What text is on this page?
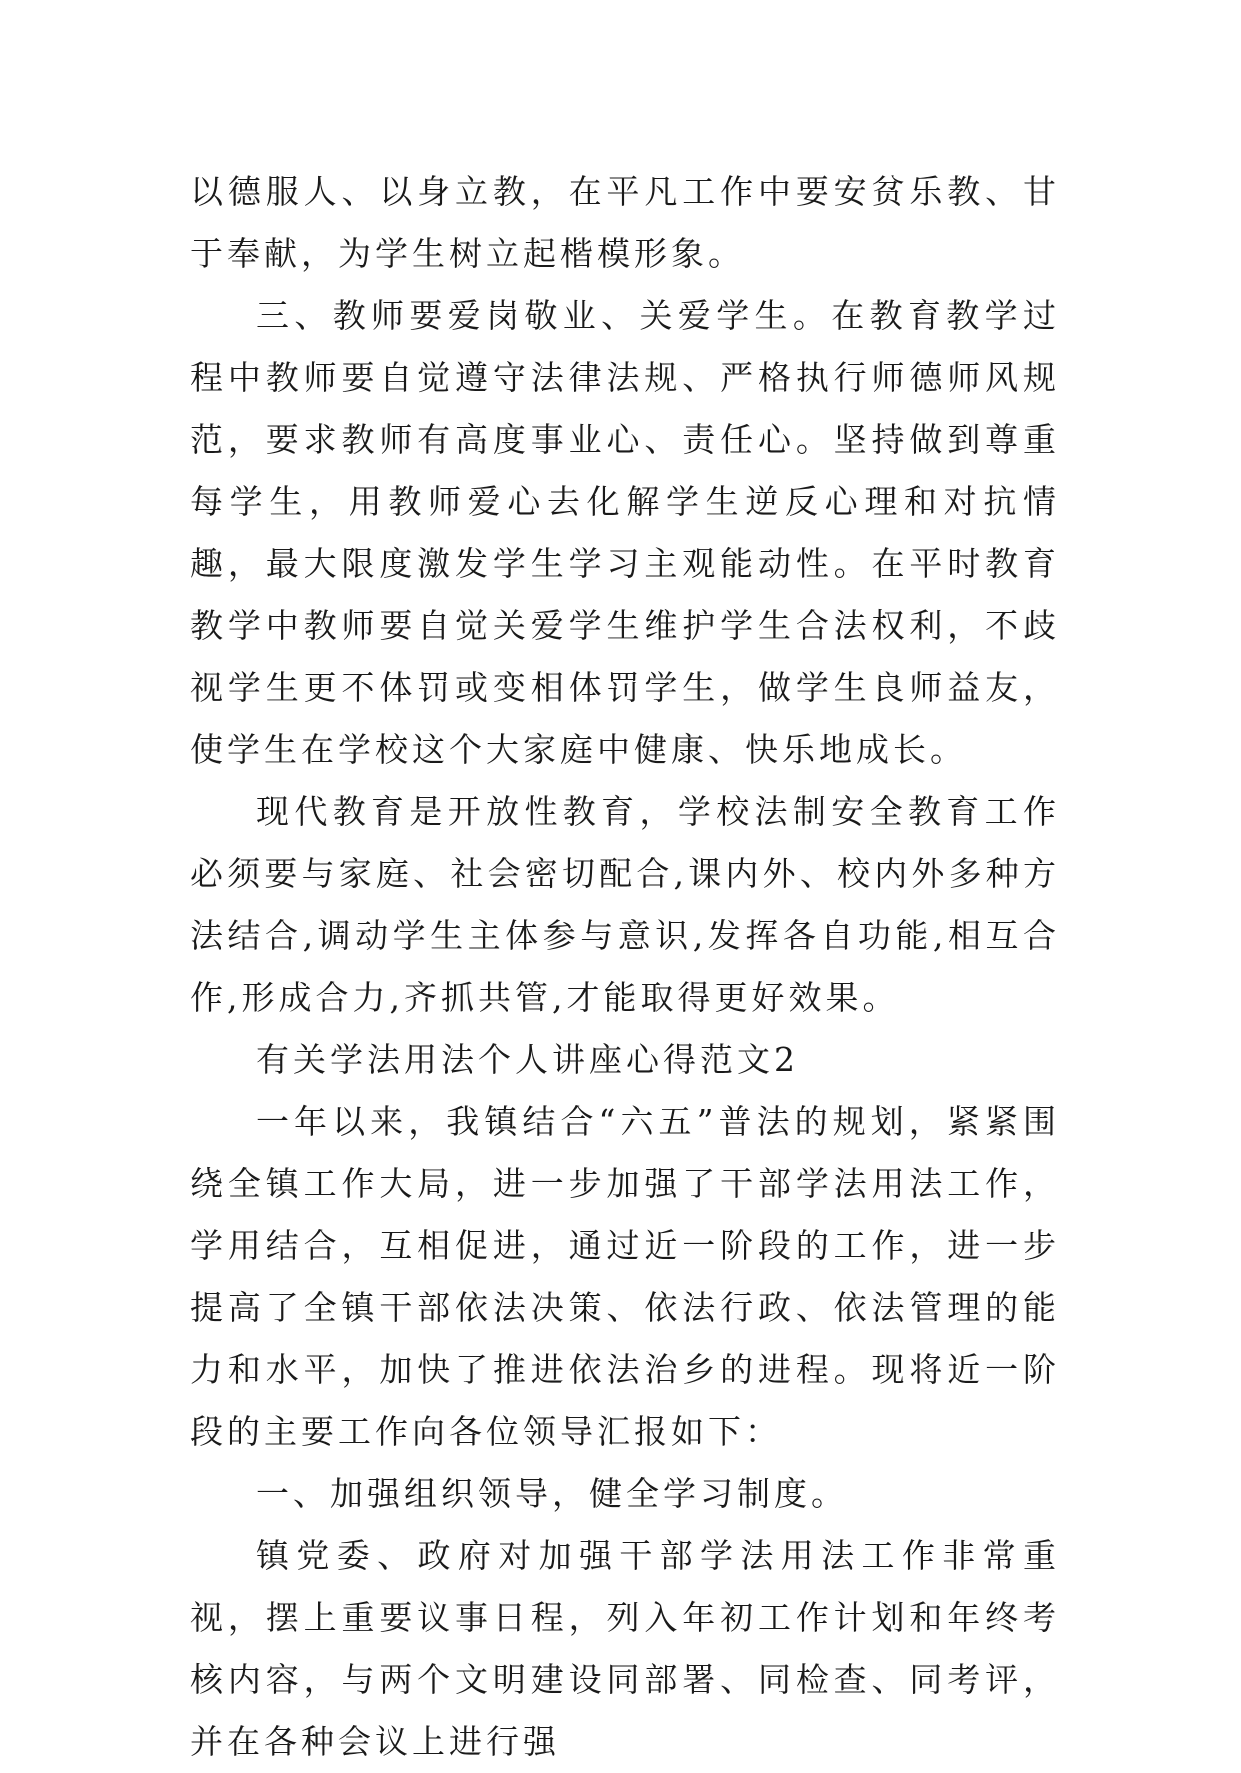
以德服人、以身立教，在平凡工作中要安贫乐教、甘于奉献，为学生树立起楷模形象。

三、教师要爱岗敬业、关爱学生。在教育教学过程中教师要自觉遵守法律法规、严格执行师德师风规范，要求教师有高度事业心、责任心。坚持做到尊重每学生，用教师爱心去化解学生逆反心理和对抗情趣，最大限度激发学生学习主观能动性。在平时教育教学中教师要自觉关爱学生维护学生合法权利，不歧视学生更不体罚或变相体罚学生，做学生良师益友，使学生在学校这个大家庭中健康、快乐地成长。

现代教育是开放性教育，学校法制安全教育工作必须要与家庭、社会密切配合,课内外、校内外多种方法结合,调动学生主体参与意识,发挥各自功能,相互合作,形成合力,齐抓共管,才能取得更好效果。

有关学法用法个人讲座心得范文2

一年以来，我镇结合“六五”普法的规划，紧紧围绕全镇工作大局，进一步加强了干部学法用法工作，学用结合，互相促进，通过近一阶段的工作，进一步提高了全镇干部依法决策、依法行政、依法管理的能力和水平，加快了推进依法治乡的进程。现将近一阶段的主要工作向各位领导汇报如下：

一、加强组织领导，健全学习制度。

镇党委、政府对加强干部学法用法工作非常重视，摆上重要议事日程，列入年初工作计划和年终考核内容，与两个文明建设同部署、同检查、同考评，并在各种会议上进行强
